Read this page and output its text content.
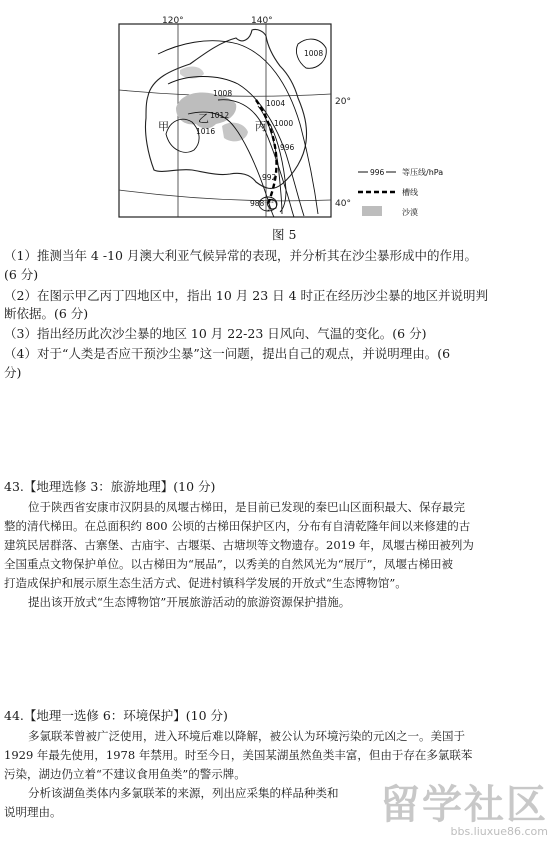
120°	140°
20°
40°
1008
1008
1012
1004
1000
1016
996
992
988
甲
乙
丙
丁
996 等压线/hPa
槽线
沙漠
图 5
（1）推测当年 4 -10 月澳大利亚气候异常的表现，并分析其在沙尘暴形成中的作用。
(6 分)
（2）在图示甲乙丙丁四地区中，指出 10 月 23 日 4 时正在经历沙尘暴的地区并说明判
断依据。(6 分)
（3）指出经历此次沙尘暴的地区 10 月 22-23 日风向、气温的变化。(6 分)
（4）对于“人类是否应干预沙尘暴”这一问题，提出自己的观点，并说明理由。(6
分)
43.【地理选修 3：旅游地理】(10 分)
位于陕西省安康市汉阴县的凤堰古梯田，是目前已发现的秦巴山区面积最大、保存最完
整的清代梯田。在总面积约 800 公顷的古梯田保护区内，分布有自清乾隆年间以来修建的古
建筑民居群落、古寨堡、古庙宇、古堰渠、古塘坝等文物遗存。2019 年，凤堰古梯田被列为
全国重点文物保护单位。以古梯田为“展品”，以秀美的自然风光为“展厅”，凤堰古梯田被
打造成保护和展示原生态生活方式、促进村镇科学发展的开放式“生态博物馆”。
提出该开放式“生态博物馆”开展旅游活动的旅游资源保护措施。
44.【地理一选修 6：环境保护】(10 分)
多氯联苯曾被广泛使用，进入环境后难以降解，被公认为环境污染的元凶之一。美国于
1929 年最先使用，1978 年禁用。时至今日，美国某湖虽然鱼类丰富，但由于存在多氯联苯
污染，湖边仍立着“不建议食用鱼类”的警示牌。
分析该湖鱼类体内多氯联苯的来源，列出应采集的样品种类和
说明理由。	留学社区
bbs.liuxue86.com
